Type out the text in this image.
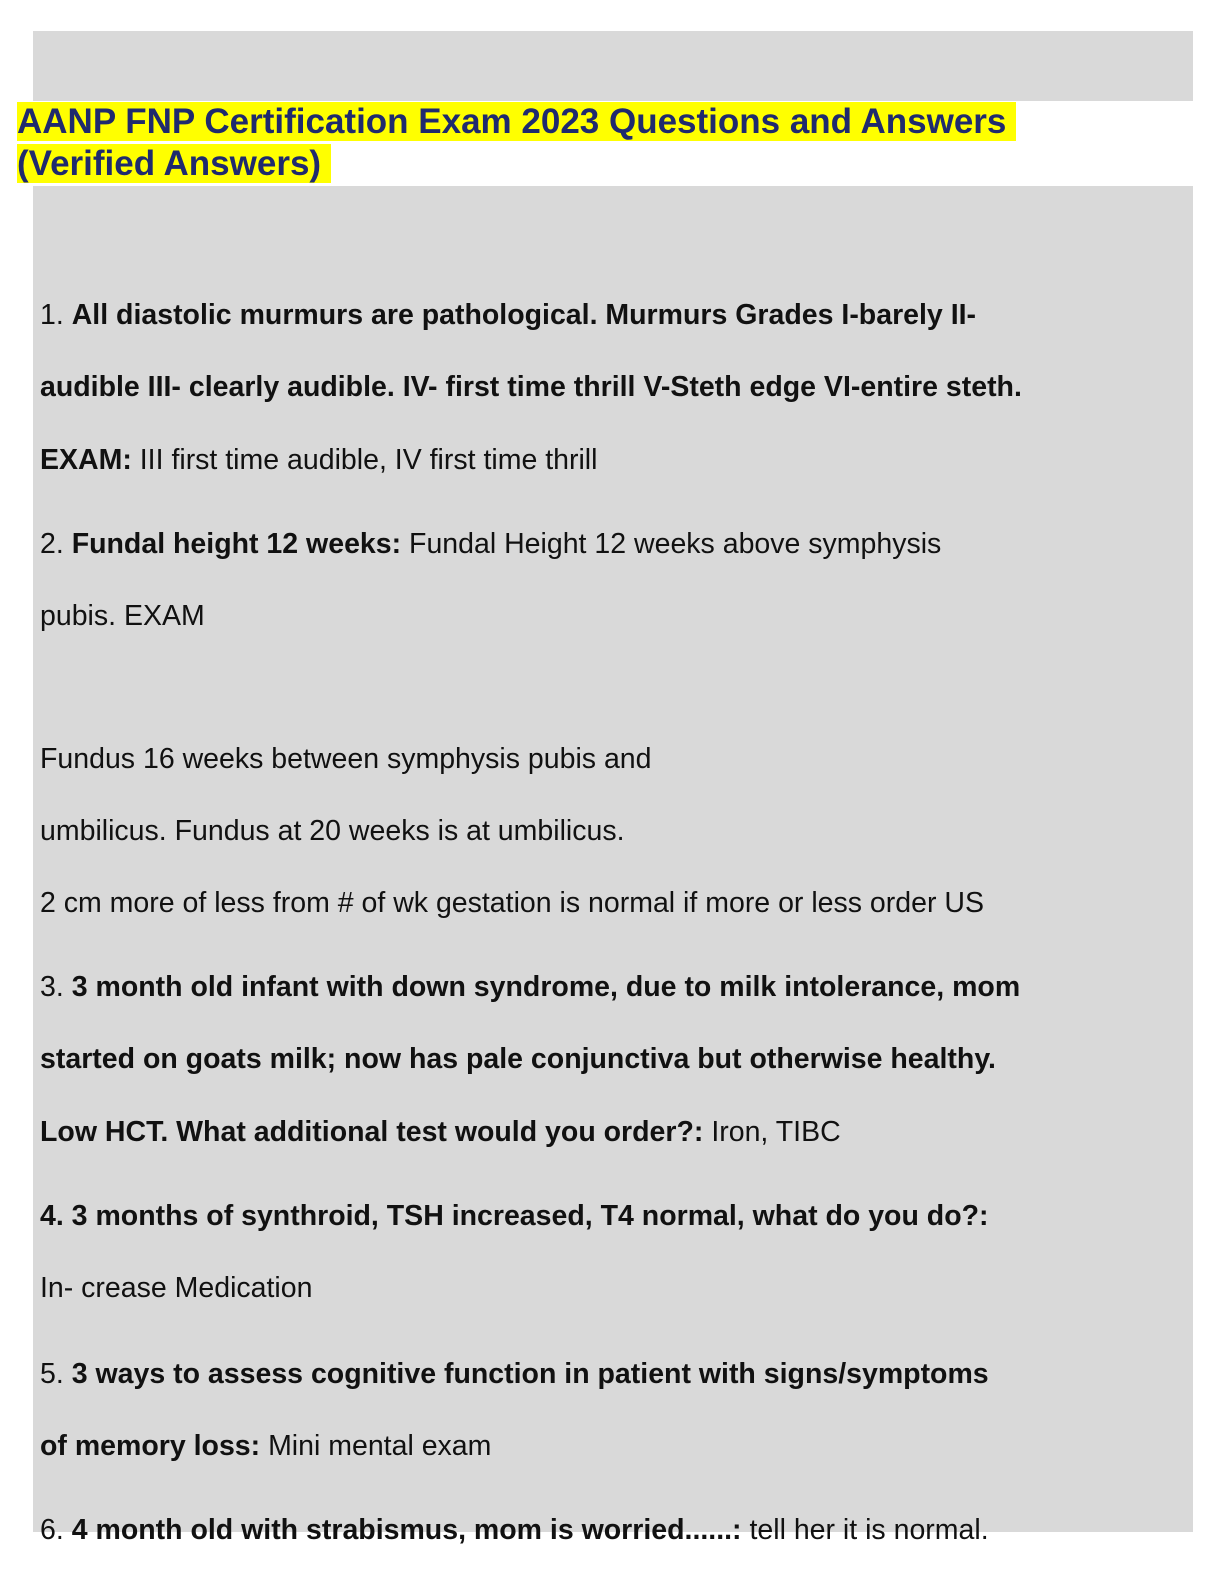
AANP FNP Certification Exam 2023 Questions and Answers
(Verified Answers)
1. All diastolic murmurs are pathological. Murmurs Grades I-barely II-
audible III- clearly audible. IV- first time thrill V-Steth edge VI-entire steth.
EXAM: III first time audible, IV first time thrill
2. Fundal height 12 weeks: Fundal Height 12 weeks above symphysis
pubis. EXAM
Fundus 16 weeks between symphysis pubis and
umbilicus. Fundus at 20 weeks is at umbilicus.
2 cm more of less from # of wk gestation is normal if more or less order US
3. 3 month old infant with down syndrome, due to milk intolerance, mom
started on goats milk; now has pale conjunctiva but otherwise healthy.
Low HCT. What additional test would you order?: Iron, TIBC
4. 3 months of synthroid, TSH increased, T4 normal, what do you do?:
In- crease Medication
5. 3 ways to assess cognitive function in patient with signs/symptoms
of memory loss: Mini mental exam
6. 4 month old with strabismus, mom is worried......: tell her it is normal.
